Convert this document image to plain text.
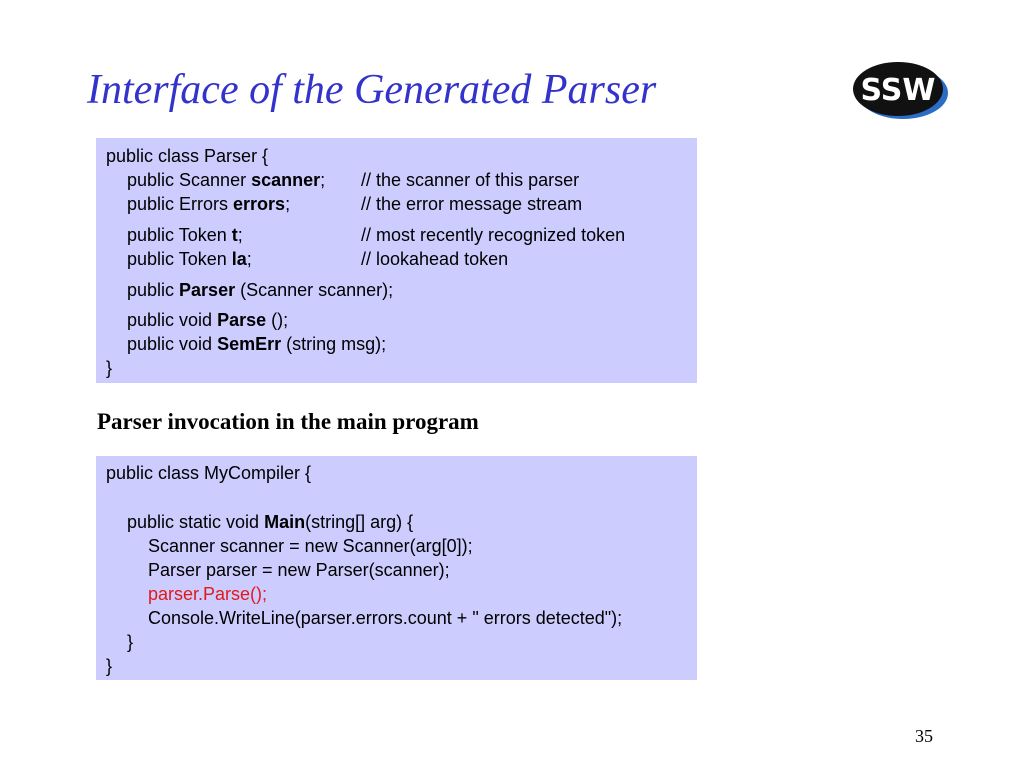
Interface of the Generated Parser	SSW
public class Parser {
public Scanner scanner; // the scanner of this parser
public Errors errors;	// the error message stream
public Token t;	// most recently recognized token
public Token la;	// lookahead token
public Parser (Scanner scanner);
public void Parse ();
public void SemErr (string msg);
}
Parser invocation in the main program
public class MyCompiler {
public static void Main(string[] arg) {
Scanner scanner = new Scanner(arg[0]);
Parser parser = new Parser(scanner);
parser.Parse();
Console.WriteLine(parser.errors.count + " errors detected");
}
}
35
